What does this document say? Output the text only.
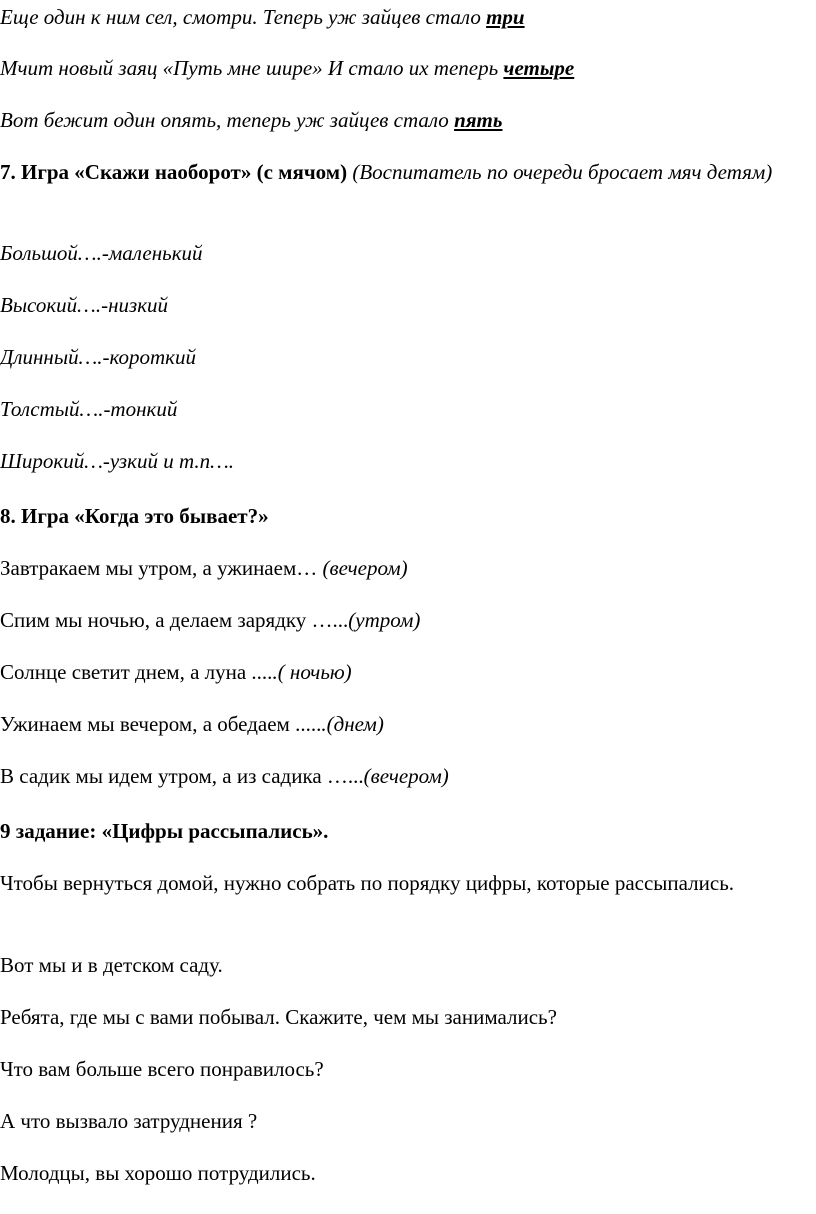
Еще один к ним сел, смотри. Теперь уж зайцев стало три

Мчит новый заяц «Путь мне шире» И стало их теперь четыре

Вот бежит один опять, теперь уж зайцев стало пять

7. Игра «Скажи наоборот» (с мячом) (Воспитатель по очереди бросает мяч детям)

Большой….-маленький

Высокий….-низкий

Длинный….-короткий

Толстый….-тонкий

Широкий…-узкий и т.п….

8. Игра «Когда это бывает?»

Завтракаем мы утром, а ужинаем… (вечером)

Спим мы ночью, а делаем зарядку …...(утром)

Солнце светит днем, а луна .....( ночью)

Ужинаем мы вечером, а обедаем ......(днем)

В садик мы идем утром, а из садика …...(вечером)

9 задание: «Цифры рассыпались».

Чтобы вернуться домой, нужно собрать по порядку цифры, которые рассыпались.

Вот мы и в детском саду.

Ребята, где мы с вами побывал. Скажите, чем мы занимались?

Что вам больше всего понравилось?

А что вызвало затруднения ?

Молодцы, вы хорошо потрудились.
